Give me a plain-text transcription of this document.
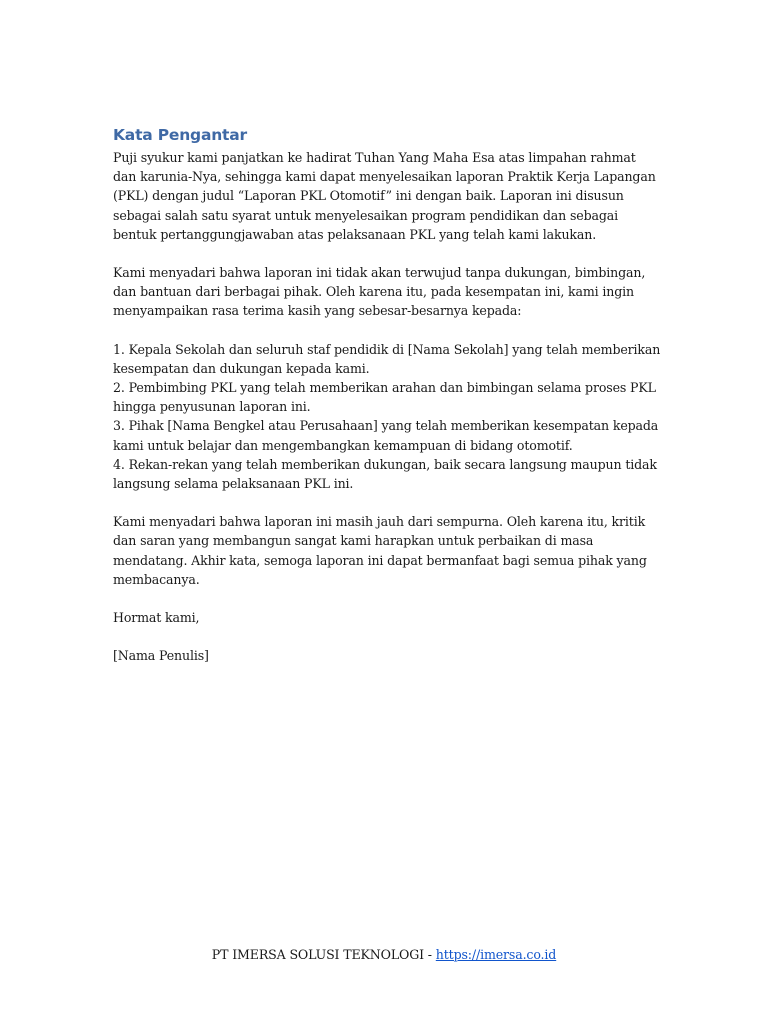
Kata Pengantar

Puji syukur kami panjatkan ke hadirat Tuhan Yang Maha Esa atas limpahan rahmat dan karunia-Nya, sehingga kami dapat menyelesaikan laporan Praktik Kerja Lapangan (PKL) dengan judul “Laporan PKL Otomotif” ini dengan baik. Laporan ini disusun sebagai salah satu syarat untuk menyelesaikan program pendidikan dan sebagai bentuk pertanggungjawaban atas pelaksanaan PKL yang telah kami lakukan.

Kami menyadari bahwa laporan ini tidak akan terwujud tanpa dukungan, bimbingan, dan bantuan dari berbagai pihak. Oleh karena itu, pada kesempatan ini, kami ingin menyampaikan rasa terima kasih yang sebesar-besarnya kepada:

1. Kepala Sekolah dan seluruh staf pendidik di [Nama Sekolah] yang telah memberikan kesempatan dan dukungan kepada kami.
2. Pembimbing PKL yang telah memberikan arahan dan bimbingan selama proses PKL hingga penyusunan laporan ini.
3. Pihak [Nama Bengkel atau Perusahaan] yang telah memberikan kesempatan kepada kami untuk belajar dan mengembangkan kemampuan di bidang otomotif.
4. Rekan-rekan yang telah memberikan dukungan, baik secara langsung maupun tidak langsung selama pelaksanaan PKL ini.

Kami menyadari bahwa laporan ini masih jauh dari sempurna. Oleh karena itu, kritik dan saran yang membangun sangat kami harapkan untuk perbaikan di masa mendatang. Akhir kata, semoga laporan ini dapat bermanfaat bagi semua pihak yang membacanya.

Hormat kami,

[Nama Penulis]

PT IMERSA SOLUSI TEKNOLOGI - https://imersa.co.id
